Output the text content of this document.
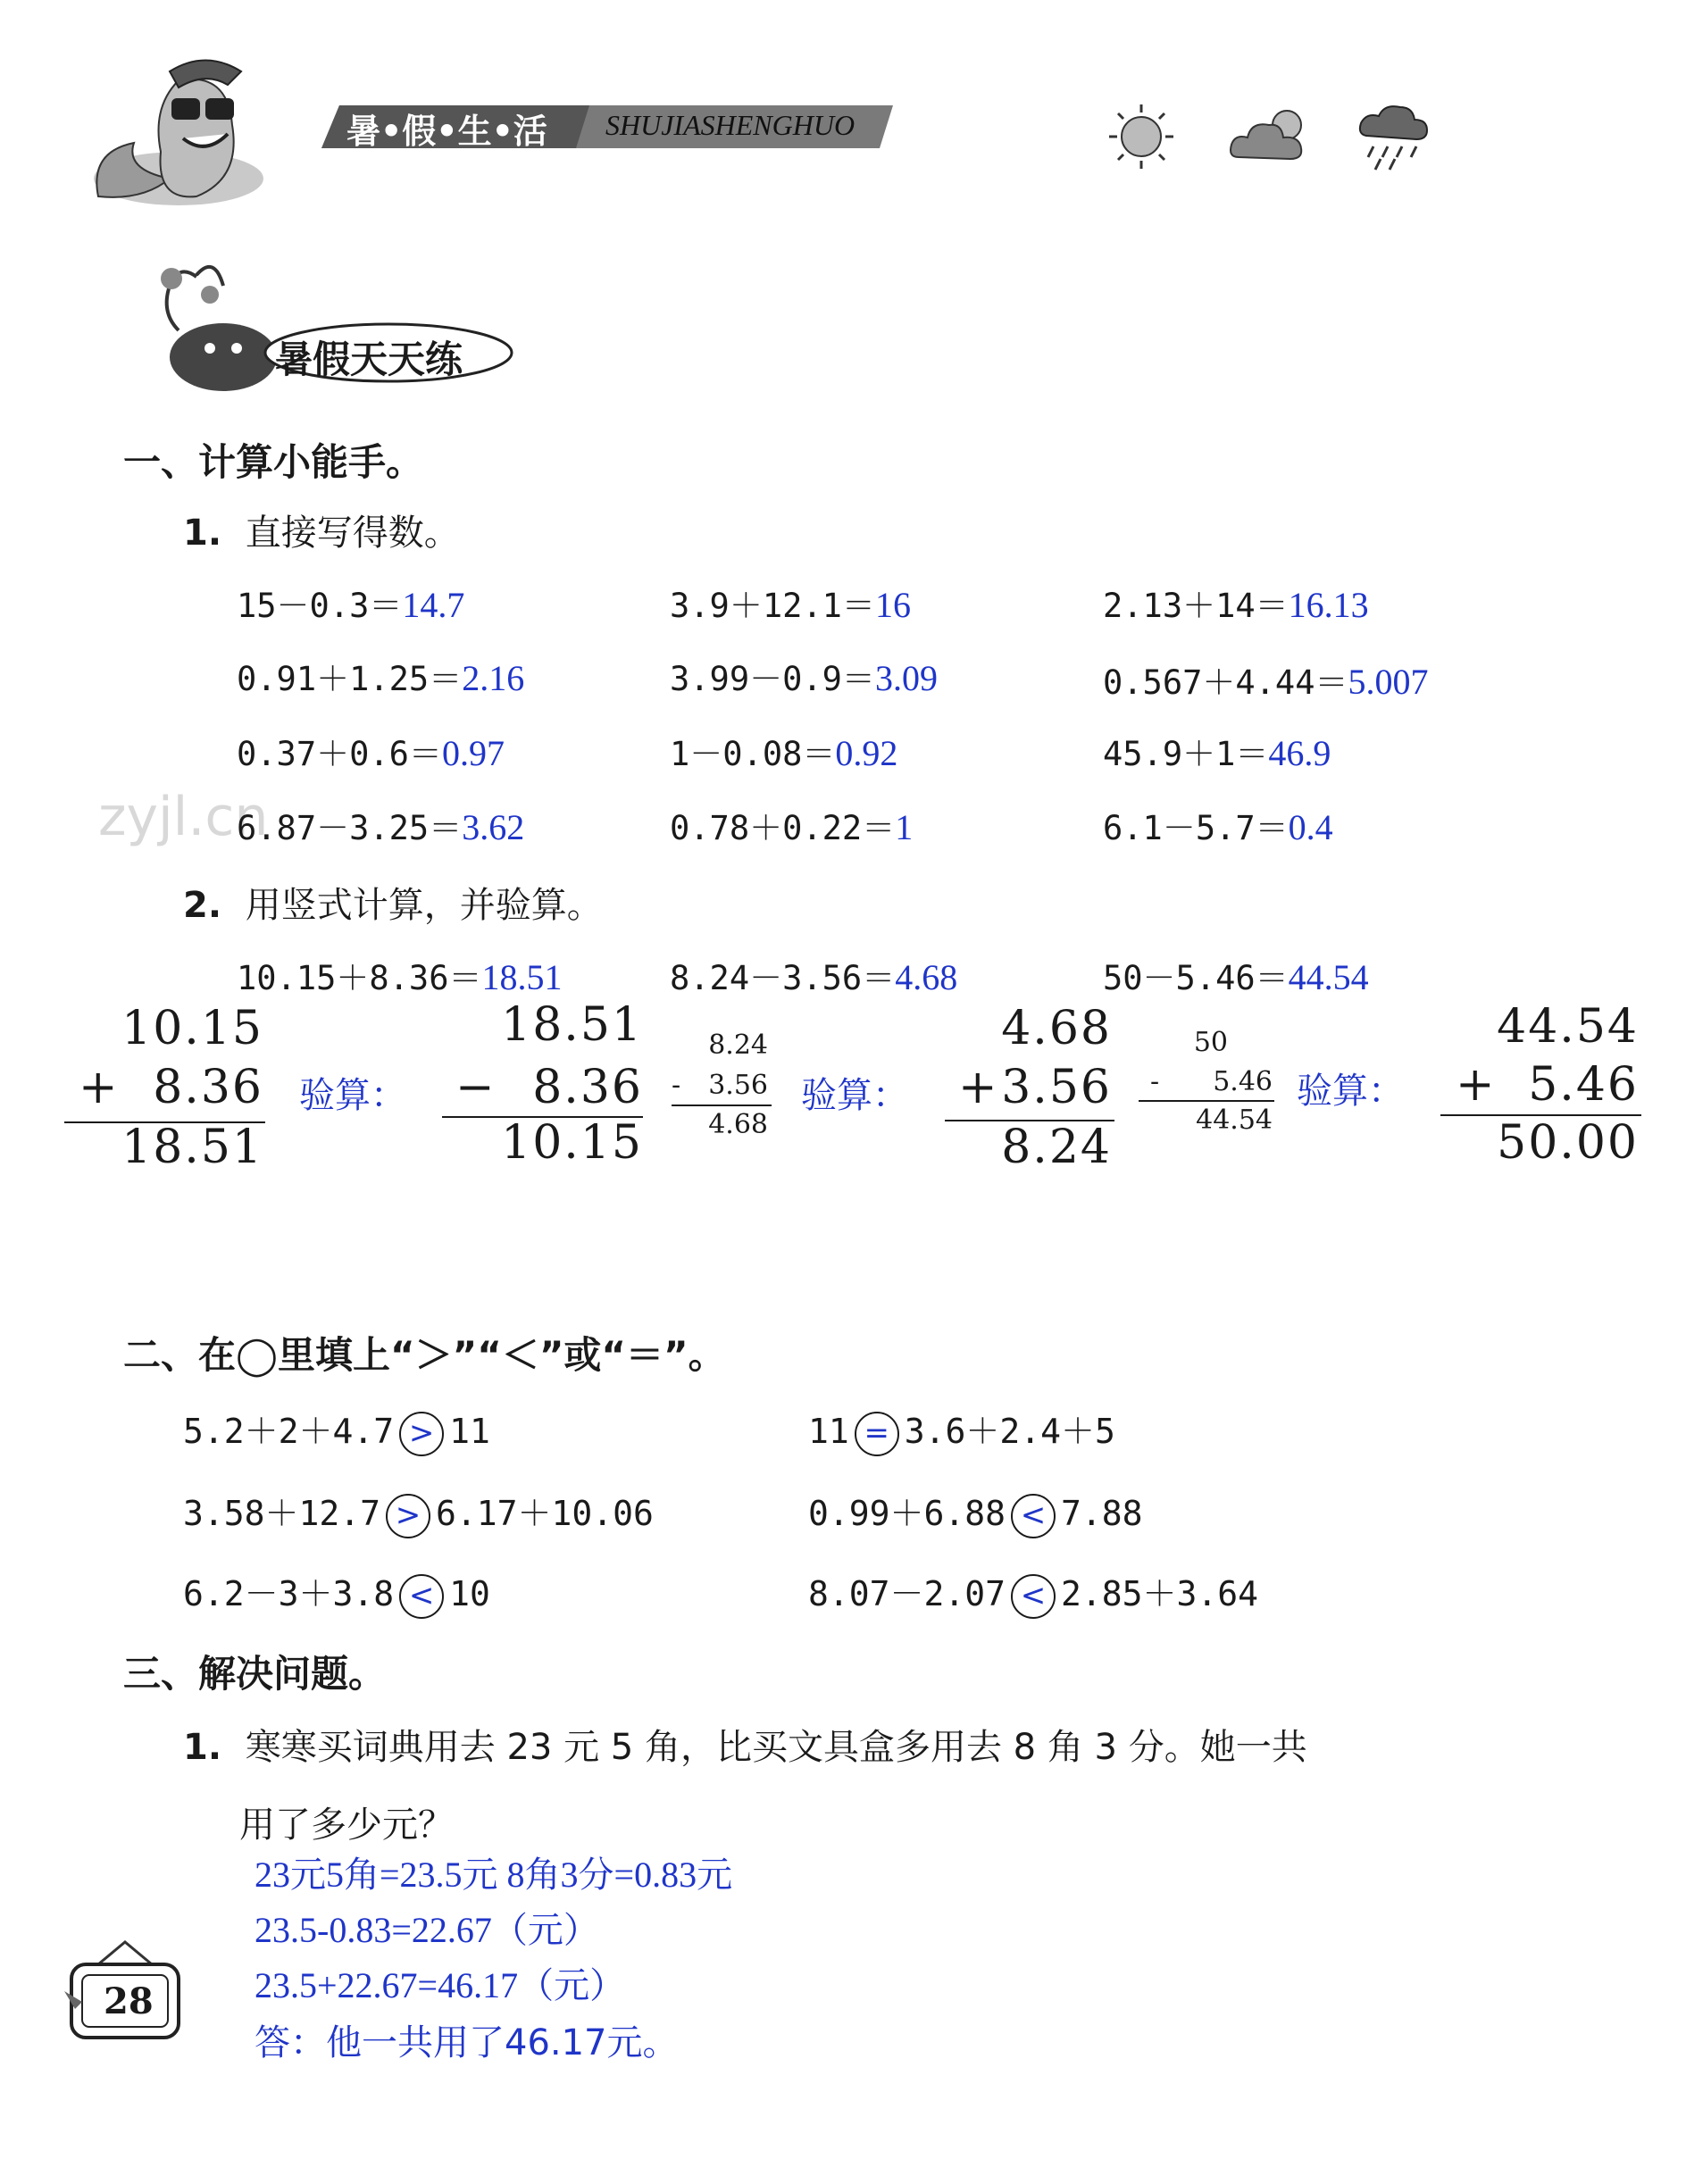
暑•假•生•活 SHUJIASHENGHUO
暑假天天练
一、计算小能手。
1. 直接写得数。
15－0.3＝14.7	3.9＋12.1＝16	2.13＋14＝16.13
0.91＋1.25＝2.16	3.99－0.9＝3.09	0.567＋4.44＝5.007
0.37＋0.6＝0.97	1－0.08＝0.92	45.9＋1＝46.9
zyjl.cn
6.87－3.25＝3.62	0.78＋0.22＝1	6.1－5.7＝0.4
2. 用竖式计算，并验算。
10.15＋8.36＝18.51	8.24－3.56＝4.68	50－5.46＝44.54
10.15
+ 8.36
18.51
验算：
18.51
− 8.36
10.15
8.24
-	3.56
4.68
验算：
4.68
+ 3.56
8.24
50
-	5.46
44.54
验算：
44.54
+ 5.46
50.00
二、在◯里填上“＞”“＜”或“＝”。
5.2＋2＋4.7 > 11	11 = 3.6＋2.4＋5
3.58＋12.7 > 6.17＋10.06	0.99＋6.88 < 7.88
6.2－3＋3.8 < 10	8.07－2.07 < 2.85＋3.64
三、解决问题。
1. 寒寒买词典用去 23 元 5 角，比买文具盒多用去 8 角 3 分。她一共
用了多少元？
23元5角=23.5元 8角3分=0.83元
23.5-0.83=22.67（元）
23.5+22.67=46.17（元）
答：他一共用了46.17元。
28
